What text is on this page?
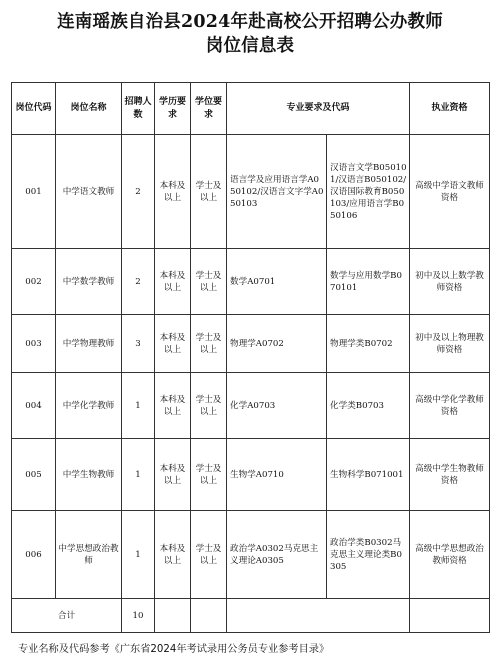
连南瑶族自治县2024年赴高校公开招聘公办教师
岗位信息表
岗位代码	岗位名称	招聘人数	学历要求	学位要求	专业要求及代码		执业资格
001	中学语文教师	2	本科及以上	学士及以上	语言学及应用语言学A050102/汉语言文字学A050103	汉语言文学B050101/汉语言B050102/汉语国际教育B050103/应用语言学B050106	高级中学语文教师资格
002	中学数学教师	2	本科及以上	学士及以上	数学A0701	数学与应用数学B070101	初中及以上数学教师资格
003	中学物理教师	3	本科及以上	学士及以上	物理学A0702	物理学类B0702	初中及以上物理教师资格
004	中学化学教师	1	本科及以上	学士及以上	化学A0703	化学类B0703	高级中学化学教师资格
005	中学生物教师	1	本科及以上	学士及以上	生物学A0710	生物科学B071001	高级中学生物教师资格
006	中学思想政治教师	1	本科及以上	学士及以上	政治学A0302马克思主义理论A0305	政治学类B0302马克思主义理论类B0305	高级中学思想政治教师资格
合计		10					
专业名称及代码参考《广东省2024年考试录用公务员专业参考目录》
